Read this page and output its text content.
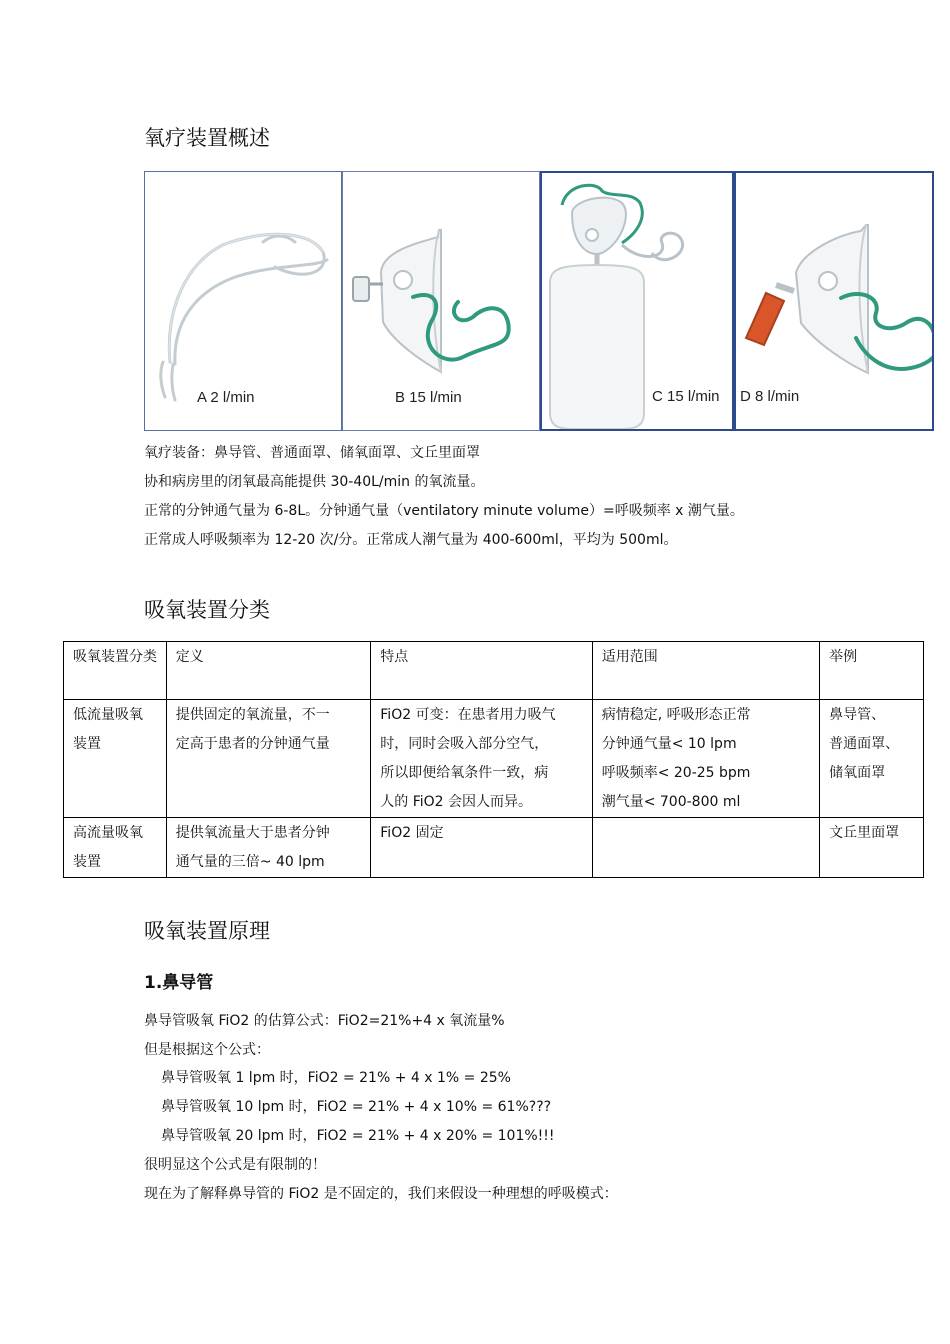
氧疗装置概述
A 2 l/min	B 15 l/min	C 15 l/min D 8 l/min
氧疗装备：鼻导管、普通面罩、储氧面罩、文丘里面罩
协和病房里的闭氧最高能提供 30-40L/min 的氧流量。
正常的分钟通气量为 6-8L。分钟通气量（ventilatory minute volume）=呼吸频率 x 潮气量。
正常成人呼吸频率为 12-20 次/分。正常成人潮气量为 400-600ml，平均为 500ml。
吸氧装置分类
吸氧装置分类	定义	特点	适用范围	举例

低流量吸氧
装置	提供固定的氧流量，不一
定高于患者的分钟通气量	FiO2 可变：在患者用力吸气
时，同时会吸入部分空气，
所以即便给氧条件一致，病
人的 FiO2 会因人而异。	病情稳定, 呼吸形态正常
分钟通气量< 10 lpm
呼吸频率< 20-25 bpm
潮气量< 700-800 ml	鼻导管、
普通面罩、
储氧面罩

高流量吸氧
装置	提供氧流量大于患者分钟
通气量的三倍~ 40 lpm	FiO2 固定		文丘里面罩
吸氧装置原理
1.鼻导管
鼻导管吸氧 FiO2 的估算公式：FiO2=21%+4 x 氧流量%
但是根据这个公式：
鼻导管吸氧 1 lpm 时，FiO2 = 21% + 4 x 1% = 25%
鼻导管吸氧 10 lpm 时，FiO2 = 21% + 4 x 10% = 61%???
鼻导管吸氧 20 lpm 时，FiO2 = 21% + 4 x 20% = 101%!!!
很明显这个公式是有限制的！
现在为了解释鼻导管的 FiO2 是不固定的，我们来假设一种理想的呼吸模式：
